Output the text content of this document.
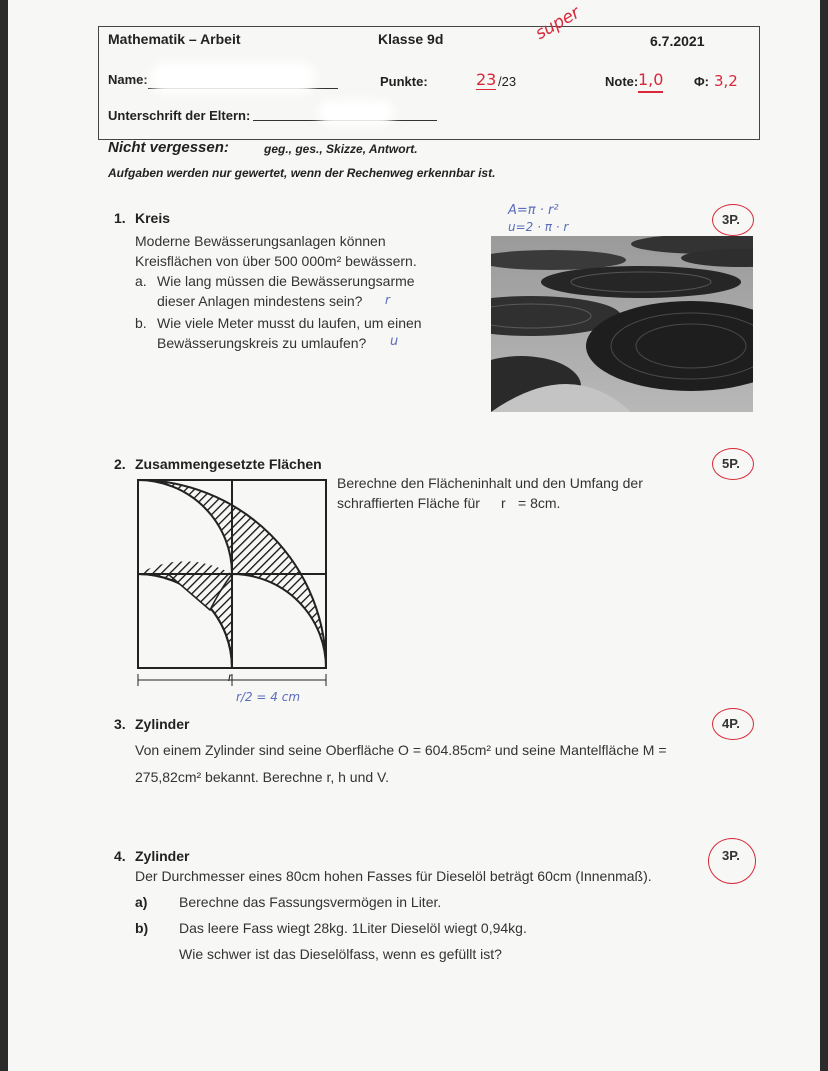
Mathematik – Arbeit	Klasse 9d	6.7.2021
Name:	Punkte:	23 /23
super
Note: 1,0 Φ: 3,2
Unterschrift der Eltern:
Nicht vergessen:	geg., ges., Skizze, Antwort.
Aufgaben werden nur gewertet, wenn der Rechenweg erkennbar ist.
1. Kreis
Moderne Bewässerungsanlagen können
Kreisflächen von über 500 000m² bewässern.
a. Wie lang müssen die Bewässerungsarme
dieser Anlagen mindestens sein? r
b. Wie viele Meter musst du laufen, um einen
Bewässerungskreis zu umlaufen? u
A=π · r²
u=2 · π · r	3P.
2. Zusammengesetzte Flächen
Berechne den Flächeninhalt und den Umfang der
schraffierten Fläche für r = 8cm.
5P.
r
r/2 = 4 cm
3. Zylinder
Von einem Zylinder sind seine Oberfläche O = 604.85cm² und seine Mantelfläche M =
275,82cm² bekannt. Berechne r, h und V.
4P.
4. Zylinder
Der Durchmesser eines 80cm hohen Fasses für Dieselöl beträgt 60cm (Innenmaß).
a) Berechne das Fassungsvermögen in Liter.
b) Das leere Fass wiegt 28kg. 1Liter Dieselöl wiegt 0,94kg.
Wie schwer ist das Dieselölfass, wenn es gefüllt ist?
3P.
